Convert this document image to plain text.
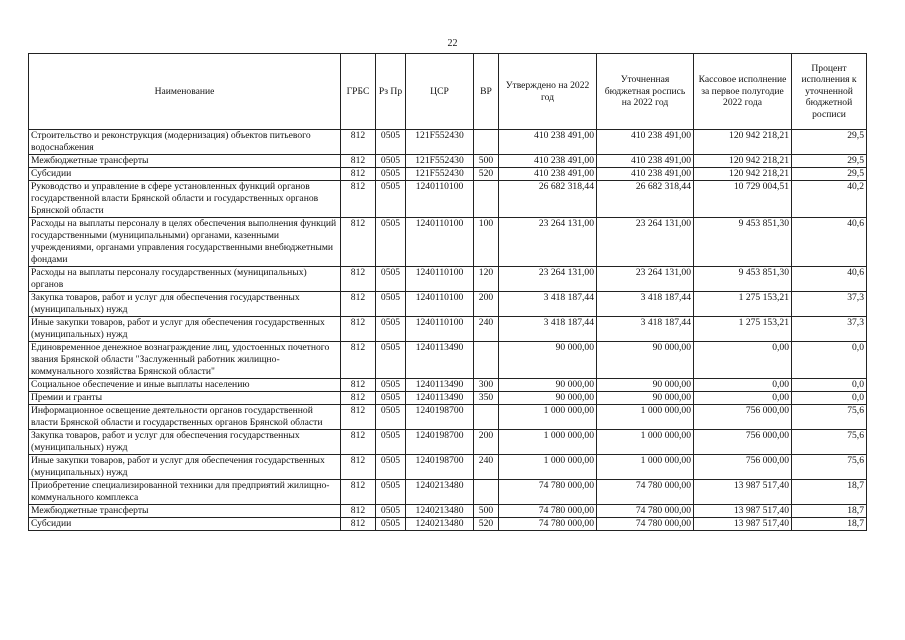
22
Наименование	ГРБС	Рз Пр	ЦСР	ВР	Утверждено на 2022 год	Уточненная бюджетная роспись на 2022 год	Кассовое исполнение за первое полугодие 2022 года	Процент исполнения к уточненной бюджетной росписи
Строительство и реконструкция (модернизация) объектов питьевого водоснабжения	812	0505	121F552430		410 238 491,00	410 238 491,00	120 942 218,21	29,5
Межбюджетные трансферты	812	0505	121F552430	500	410 238 491,00	410 238 491,00	120 942 218,21	29,5
Субсидии	812	0505	121F552430	520	410 238 491,00	410 238 491,00	120 942 218,21	29,5
Руководство и управление в сфере установленных функций органов государственной власти Брянской области и государственных органов Брянской области	812	0505	1240110100		26 682 318,44	26 682 318,44	10 729 004,51	40,2
Расходы на выплаты персоналу в целях обеспечения выполнения функций государственными (муниципальными) органами, казенными учреждениями, органами управления государственными внебюджетными фондами	812	0505	1240110100	100	23 264 131,00	23 264 131,00	9 453 851,30	40,6
Расходы на выплаты персоналу государственных (муниципальных) органов	812	0505	1240110100	120	23 264 131,00	23 264 131,00	9 453 851,30	40,6
Закупка товаров, работ и услуг для обеспечения государственных (муниципальных) нужд	812	0505	1240110100	200	3 418 187,44	3 418 187,44	1 275 153,21	37,3
Иные закупки товаров, работ и услуг для обеспечения государственных (муниципальных) нужд	812	0505	1240110100	240	3 418 187,44	3 418 187,44	1 275 153,21	37,3
Единовременное денежное вознаграждение лиц, удостоенных почетного звания Брянской области "Заслуженный работник жилищно-коммунального хозяйства Брянской области"	812	0505	1240113490		90 000,00	90 000,00	0,00	0,0
Социальное обеспечение и иные выплаты населению	812	0505	1240113490	300	90 000,00	90 000,00	0,00	0,0
Премии и гранты	812	0505	1240113490	350	90 000,00	90 000,00	0,00	0,0
Информационное освещение деятельности органов государственной власти Брянской области и государственных органов Брянской области	812	0505	1240198700		1 000 000,00	1 000 000,00	756 000,00	75,6
Закупка товаров, работ и услуг для обеспечения государственных (муниципальных) нужд	812	0505	1240198700	200	1 000 000,00	1 000 000,00	756 000,00	75,6
Иные закупки товаров, работ и услуг для обеспечения государственных (муниципальных) нужд	812	0505	1240198700	240	1 000 000,00	1 000 000,00	756 000,00	75,6
Приобретение специализированной техники для предприятий жилищно-коммунального комплекса	812	0505	1240213480		74 780 000,00	74 780 000,00	13 987 517,40	18,7
Межбюджетные трансферты	812	0505	1240213480	500	74 780 000,00	74 780 000,00	13 987 517,40	18,7
Субсидии	812	0505	1240213480	520	74 780 000,00	74 780 000,00	13 987 517,40	18,7
